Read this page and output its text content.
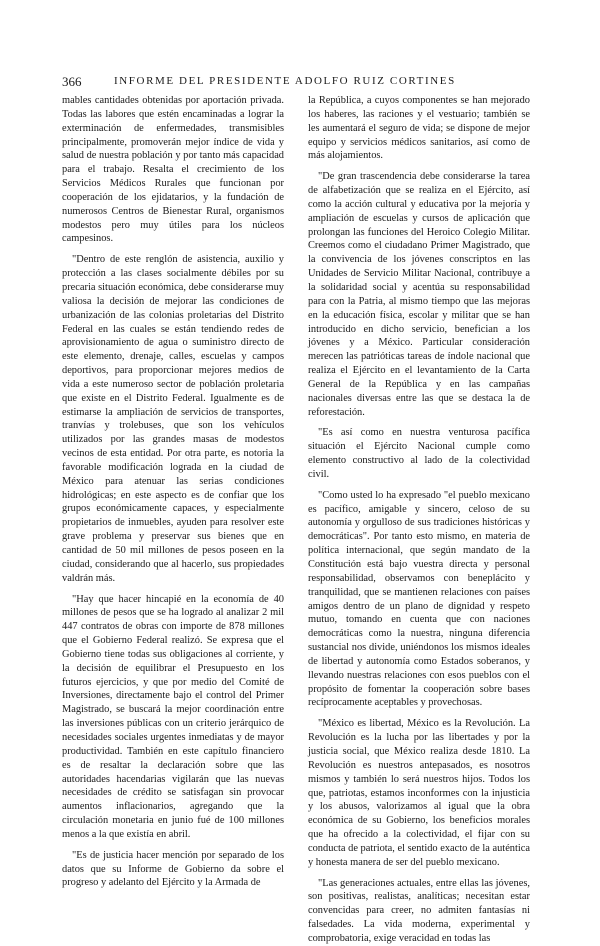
366	INFORME DEL PRESIDENTE ADOLFO RUIZ CORTINES

mables cantidades obtenidas por aportación privada. Todas las labores que estén encaminadas a lograr la exterminación de enfermedades, transmisibles principalmente, promoverán mejor índice de vida y salud de nuestra población y por tanto más capacidad para el trabajo. Resalta el crecimiento de los Servicios Médicos Rurales que funcionan por cooperación de los ejidatarios, y la fundación de numerosos Centros de Bienestar Rural, organismos modestos pero muy útiles para los núcleos campesinos.

"Dentro de este renglón de asistencia, auxilio y protección a las clases socialmente débiles por su precaria situación económica, debe considerarse muy valiosa la decisión de mejorar las condiciones de urbanización de las colonias proletarias del Distrito Federal en las cuales se están tendiendo redes de aprovisionamiento de agua o suministro directo de este elemento, drenaje, calles, escuelas y campos deportivos, para proporcionar mejores medios de vida a este numeroso sector de población proletaria que existe en el Distrito Federal. Igualmente es de estimarse la ampliación de servicios de transportes, tranvías y trolebuses, que son los vehículos utilizados por las grandes masas de modestos vecinos de esta entidad. Por otra parte, es notoria la favorable modificación lograda en la ciudad de México para atenuar las serias condiciones hidrológicas; en este aspecto es de confiar que los grupos económicamente capaces, y especialmente propietarios de inmuebles, ayuden para resolver este grave problema y preservar sus bienes que en cantidad de 50 mil millones de pesos poseen en la ciudad, considerando que al hacerlo, sus propiedades valdrán más.

"Hay que hacer hincapié en la economía de 40 millones de pesos que se ha logrado al analizar 2 mil 447 contratos de obras con importe de 878 millones que el Gobierno Federal realizó. Se expresa que el Gobierno tiene todas sus obligaciones al corriente, y la decisión de equilibrar el Presupuesto en los futuros ejercicios, y que por medio del Comité de Inversiones, directamente bajo el control del Primer Magistrado, se buscará la mejor coordinación entre las inversiones públicas con un criterio jerárquico de necesidades sociales urgentes inmediatas y de mayor productividad. También en este capítulo financiero es de resaltar la declaración sobre que las autoridades hacendarias vigilarán que las nuevas necesidades de crédito se satisfagan sin provocar aumentos inflacionarios, agregando que la circulación monetaria en junio fué de 100 millones menos a la que existía en abril.

"Es de justicia hacer mención por separado de los datos que su Informe de Gobierno da sobre el progreso y adelanto del Ejército y la Armada de

la República, a cuyos componentes se han mejorado los haberes, las raciones y el vestuario; también se les aumentará el seguro de vida; se dispone de mejor equipo y servicios médicos sanitarios, así como de más alojamientos.

"De gran trascendencia debe considerarse la tarea de alfabetización que se realiza en el Ejército, así como la acción cultural y educativa por la mejoría y ampliación de escuelas y cursos de aplicación que prolongan las funciones del Heroico Colegio Militar. Creemos como el ciudadano Primer Magistrado, que la convivencia de los jóvenes conscriptos en las Unidades de Servicio Militar Nacional, contribuye a la solidaridad social y acentúa su responsabilidad para con la Patria, al mismo tiempo que las mejoras en la educación física, escolar y militar que se han introducido en dicho servicio, benefician a los jóvenes y a México. Particular consideración merecen las patrióticas tareas de índole nacional que realiza el Ejército en el levantamiento de la Carta General de la República y en las campañas nacionales diversas entre las que se destaca la de reforestación.

"Es así como en nuestra venturosa pacífica situación el Ejército Nacional cumple como elemento constructivo al lado de la colectividad civil.

"Como usted lo ha expresado "el pueblo mexicano es pacífico, amigable y sincero, celoso de su autonomía y orgulloso de sus tradiciones históricas y democráticas". Por tanto esto mismo, en materia de política internacional, que según mandato de la Constitución está bajo vuestra directa y personal responsabilidad, observamos con beneplácito y tranquilidad, que se mantienen relaciones con países amigos dentro de un plano de dignidad y respeto mutuo, tomando en cuenta que con naciones democráticas como la nuestra, ninguna diferencia sustancial nos divide, uniéndonos los mismos ideales de libertad y autonomía como Estados soberanos, y llevando nuestras relaciones con esos pueblos con el propósito de fomentar la cooperación sobre bases recíprocamente aceptables y provechosas.

"México es libertad, México es la Revolución. La Revolución es la lucha por las libertades y por la justicia social, que México realiza desde 1810. La Revolución es nuestros antepasados, es nosotros mismos y también lo será nuestros hijos. Todos los que, patriotas, estamos inconformes con la injusticia y los abusos, valorizamos al igual que la obra económica de su Gobierno, los beneficios morales que ha ofrecido a la colectividad, el fijar con su conducta de patriota, el sentido exacto de la auténtica y honesta manera de ser del pueblo mexicano.

"Las generaciones actuales, entre ellas las jóvenes, son positivas, realistas, analíticas; necesitan estar convencidas para creer, no admiten fantasías ni falsedades. La vida moderna, experimental y comprobatoria, exige veracidad en todas las
